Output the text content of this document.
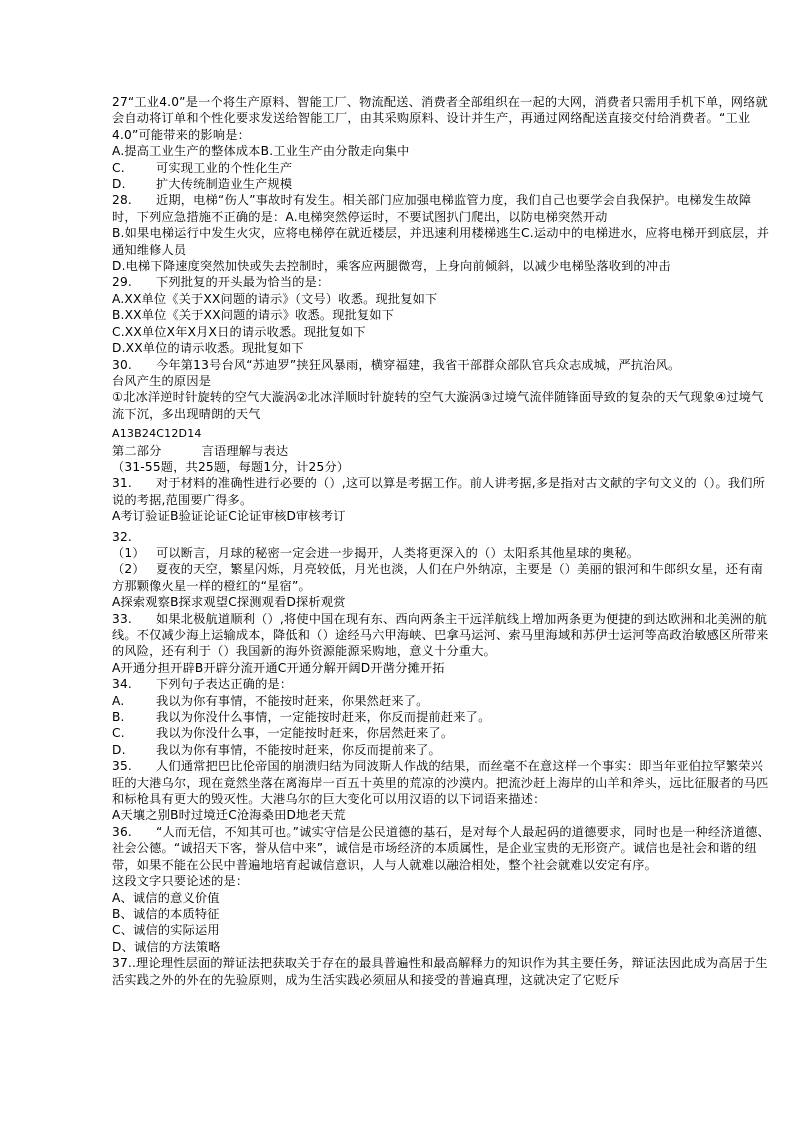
27“工业4.0”是一个将生产原料、智能工厂、物流配送、消费者全部组织在一起的大网，消费者只需用手机下单，网络就会自动将订单和个性化要求发送给智能工厂，由其采购原料、设计并生产，再通过网络配送直接交付给消费者。“工业4.0”可能带来的影响是：
A.提高工业生产的整体成本B.工业生产由分散走向集中
C.	可实现工业的个性化生产
D.	扩大传统制造业生产规模
28. 近期，电梯“伤人”事故时有发生。相关部门应加强电梯监管力度，我们自己也要学会自我保护。电梯发生故障时，下列应急措施不正确的是：A.电梯突然停运时，不要试图扒门爬出，以防电梯突然开动
B.如果电梯运行中发生火灾，应将电梯停在就近楼层，并迅速利用楼梯逃生C.运动中的电梯进水，应将电梯开到底层，并通知维修人员
D.电梯下降速度突然加快或失去控制时，乘客应两腿微弯，上身向前倾斜，以减少电梯坠落收到的冲击
29. 下列批复的开头最为恰当的是：
A.XX单位《关于XX问题的请示》（文号）收悉。现批复如下
B.XX单位《关于XX问题的请示》收悉。现批复如下
C.XX单位X年X月X日的请示收悉。现批复如下
D.XX单位的请示收悉。现批复如下
30. 今年第13号台风“苏迪罗”挟狂风暴雨，横穿福建，我省干部群众部队官兵众志成城，严抗治风。
台风产生的原因是
①北冰洋逆时针旋转的空气大漩涡②北冰洋顺时针旋转的空气大漩涡③过境气流伴随锋面导致的复杂的天气现象④过境气流下沉，多出现晴朗的天气
A13B24C12D14
第二部分	言语理解与表达
（31-55题，共25题，每题1分，计25分）
31. 对于材料的准确性进行必要的（）,这可以算是考据工作。前人讲考据,多是指对古文献的字句文义的（）。我们所说的考据,范围要广得多。
A考订验证B验证论证C论证审核D审核考订
32.
（1） 可以断言，月球的秘密一定会进一步揭开，人类将更深入的（）太阳系其他星球的奥秘。
（2） 夏夜的天空，繁星闪烁，月亮较低，月光也淡，人们在户外纳凉，主要是（）美丽的银河和牛郎织女星，还有南方那颗像火星一样的橙红的“星宿”。
A探索观察B探求观望C探测观看D探析观赏
33. 如果北极航道顺利（）,将使中国在现有东、西向两条主干远洋航线上增加两条更为便捷的到达欧洲和北美洲的航线。不仅减少海上运输成本，降低和（）途经马六甲海峡、巴拿马运河、索马里海域和苏伊士运河等高政治敏感区所带来的风险，还有利于（）我国新的海外资源能源采购地，意义十分重大。
A开通分担开辟B开辟分流开通C开通分解开阔D开凿分摊开拓
34. 下列句子表达正确的是：
A.	我以为你有事情，不能按时赶来，你果然赶来了。
B.	我以为你没什么事情，一定能按时赶来，你反而提前赶来了。
C.	我以为你没什么事，一定能按时赶来，你居然赶来了。
D.	我以为你有事情，不能按时赶来，你反而提前来了。
35. 人们通常把巴比伦帝国的崩溃归结为同波斯人作战的结果，而丝毫不在意这样一个事实：即当年亚伯拉罕繁荣兴旺的大港乌尔，现在竟然坐落在离海岸一百五十英里的荒凉的沙漠内。把流沙赶上海岸的山羊和斧头，远比征服者的马匹和标枪具有更大的毁灭性。大港乌尔的巨大变化可以用汉语的以下词语来描述：
A天壤之别B时过境迁C沧海桑田D地老天荒
36. “人而无信，不知其可也。”诚实守信是公民道德的基石，是对每个人最起码的道德要求，同时也是一种经济道德、社会公德。“诚招天下客，誉从信中来”，诚信是市场经济的本质属性，是企业宝贵的无形资产。诚信也是社会和谐的纽带，如果不能在公民中普遍地培育起诚信意识，人与人就难以融洽相处，整个社会就难以安定有序。
这段文字只要论述的是：
A、诚信的意义价值
B、诚信的本质特征
C、诚信的实际运用
D、诚信的方法策略
37..理论理性层面的辩证法把获取关于存在的最具普遍性和最高解释力的知识作为其主要任务，辩证法因此成为高居于生活实践之外的外在的先验原则，成为生活实践必须屈从和接受的普遍真理，这就决定了它贬斥
